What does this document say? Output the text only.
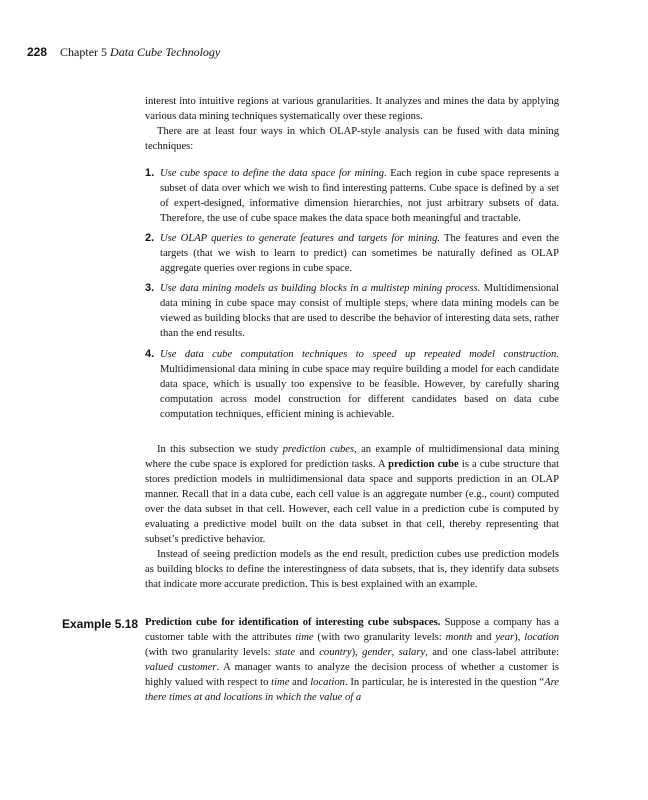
228 Chapter 5 Data Cube Technology

interest into intuitive regions at various granularities. It analyzes and mines the data by applying various data mining techniques systematically over these regions.

There are at least four ways in which OLAP-style analysis can be fused with data mining techniques:

1. Use cube space to define the data space for mining. Each region in cube space represents a subset of data over which we wish to find interesting patterns. Cube space is defined by a set of expert-designed, informative dimension hierarchies, not just arbitrary subsets of data. Therefore, the use of cube space makes the data space both meaningful and tractable.
2. Use OLAP queries to generate features and targets for mining. The features and even the targets (that we wish to learn to predict) can sometimes be naturally defined as OLAP aggregate queries over regions in cube space.
3. Use data mining models as building blocks in a multistep mining process. Multidimensional data mining in cube space may consist of multiple steps, where data mining models can be viewed as building blocks that are used to describe the behavior of interesting data sets, rather than the end results.
4. Use data cube computation techniques to speed up repeated model construction. Multidimensional data mining in cube space may require building a model for each candidate data space, which is usually too expensive to be feasible. However, by carefully sharing computation across model construction for different candidates based on data cube computation techniques, efficient mining is achievable.

In this subsection we study prediction cubes, an example of multidimensional data mining where the cube space is explored for prediction tasks. A prediction cube is a cube structure that stores prediction models in multidimensional data space and supports prediction in an OLAP manner. Recall that in a data cube, each cell value is an aggregate number (e.g., count) computed over the data subset in that cell. However, each cell value in a prediction cube is computed by evaluating a predictive model built on the data subset in that cell, thereby representing that subset’s predictive behavior.

Instead of seeing prediction models as the end result, prediction cubes use prediction models as building blocks to define the interestingness of data subsets, that is, they identify data subsets that indicate more accurate prediction. This is best explained with an example.

Example 5.18 Prediction cube for identification of interesting cube subspaces. Suppose a company has a customer table with the attributes time (with two granularity levels: month and year), location (with two granularity levels: state and country), gender, salary, and one class-label attribute: valued customer. A manager wants to analyze the decision process of whether a customer is highly valued with respect to time and location. In particular, he is interested in the question “Are there times at and locations in which the value of a
